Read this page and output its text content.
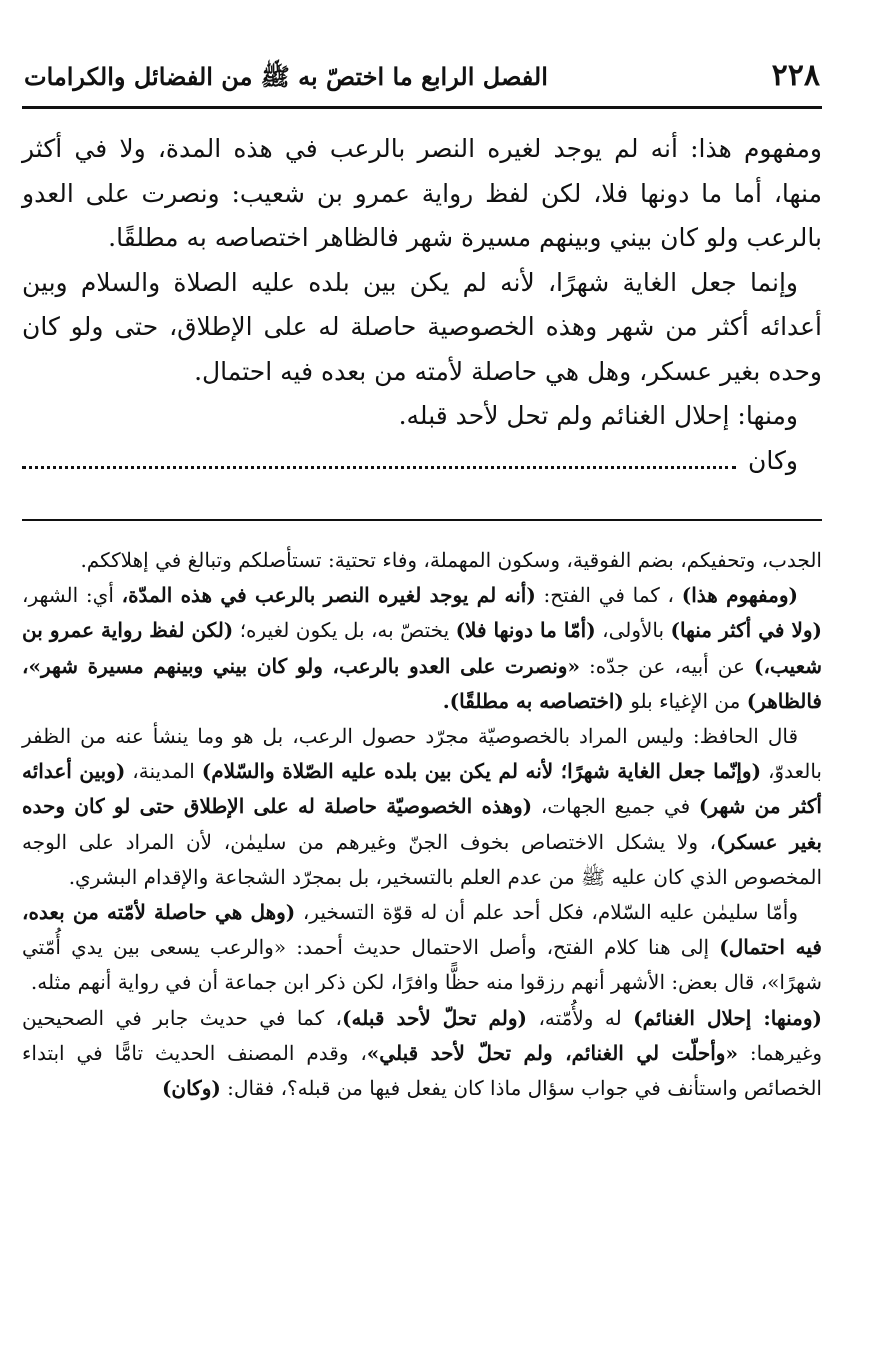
٢٢٨
الفصل الرابع ما اختصّ به ﷺ من الفضائل والكرامات

ومفهوم هذا: أنه لم يوجد لغيره النصر بالرعب في هذه المدة، ولا في أكثر منها، أما ما دونها فلا، لكن لفظ رواية عمرو بن شعيب: ونصرت على العدو بالرعب ولو كان بيني وبينهم مسيرة شهر فالظاهر اختصاصه به مطلقًا.

وإنما جعل الغاية شهرًا، لأنه لم يكن بين بلده عليه الصلاة والسلام وبين أعدائه أكثر من شهر وهذه الخصوصية حاصلة له على الإطلاق، حتى ولو كان وحده بغير عسكر، وهل هي حاصلة لأمته من بعده فيه احتمال.

ومنها: إحلال الغنائم ولم تحل لأحد قبله.

وكان

الجدب، وتحفيكم، بضم الفوقية، وسكون المهملة، وفاء تحتية: تستأصلكم وتبالغ في إهلاككم.

(ومفهوم هذا) ، كما في الفتح: (أنه لم يوجد لغيره النصر بالرعب في هذه المدّة، أي: الشهر، (ولا في أكثر منها) بالأولى، (أمّا ما دونها فلا) يختصّ به، بل يكون لغيره؛ (لكن لفظ رواية عمرو بن شعيب،) عن أبيه، عن جدّه: «ونصرت على العدو بالرعب، ولو كان بيني وبينهم مسيرة شهر»، فالظاهر) من الإغياء بلو (اختصاصه به مطلقًا).

قال الحافظ: وليس المراد بالخصوصيّة مجرّد حصول الرعب، بل هو وما ينشأ عنه من الظفر بالعدوّ، (وإنّما جعل الغاية شهرًا؛ لأنه لم يكن بين بلده عليه الصّلاة والسّلام) المدينة، (وبين أعدائه أكثر من شهر) في جميع الجهات، (وهذه الخصوصيّة حاصلة له على الإطلاق حتى لو كان وحده بغير عسكر)، ولا يشكل الاختصاص بخوف الجنّ وغيرهم من سليمٰن، لأن المراد على الوجه المخصوص الذي كان عليه ﷺ من عدم العلم بالتسخير، بل بمجرّد الشجاعة والإقدام البشري.

وأمّا سليمٰن عليه السّلام، فكل أحد علم أن له قوّة التسخير، (وهل هي حاصلة لأمّته من بعده، فيه احتمال) إلى هنا كلام الفتح، وأصل الاحتمال حديث أحمد: «والرعب يسعى بين يدي أُمّتي شهرًا»، قال بعض: الأشهر أنهم رزقوا منه حظًّا وافرًا، لكن ذكر ابن جماعة أن في رواية أنهم مثله.

(ومنها: إحلال الغنائم) له ولأُمّته، (ولم تحلّ لأحد قبله)، كما في حديث جابر في الصحيحين وغيرهما: «وأحلّت لي الغنائم، ولم تحلّ لأحد قبلي»، وقدم المصنف الحديث تامًّا في ابتداء الخصائص واستأنف في جواب سؤال ماذا كان يفعل فيها من قبله؟، فقال: (وكان)
